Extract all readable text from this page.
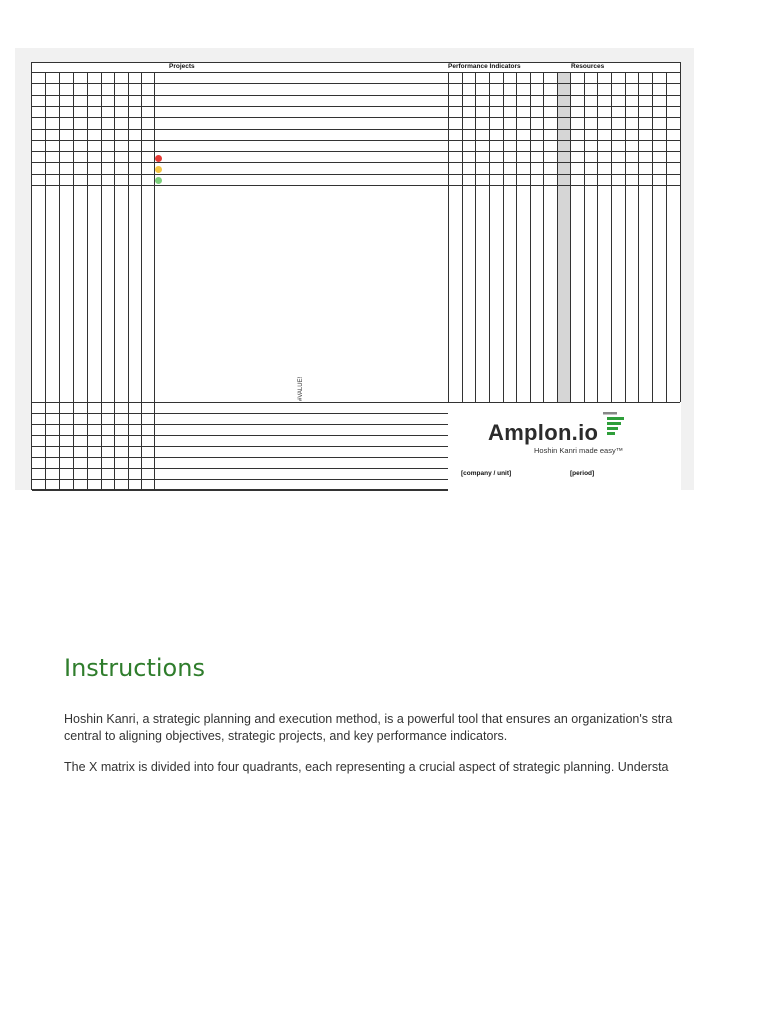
Projects	Performance Indicators	Resources
#VALUE!
Amplon.io
Hoshin Kanri made easy™
[company / unit]	[period]
Instructions
Hoshin Kanri, a strategic planning and execution method, is a powerful tool that ensures an organization's stra
central to aligning objectives, strategic projects, and key performance indicators.
The X matrix is divided into four quadrants, each representing a crucial aspect of strategic planning. Understa
